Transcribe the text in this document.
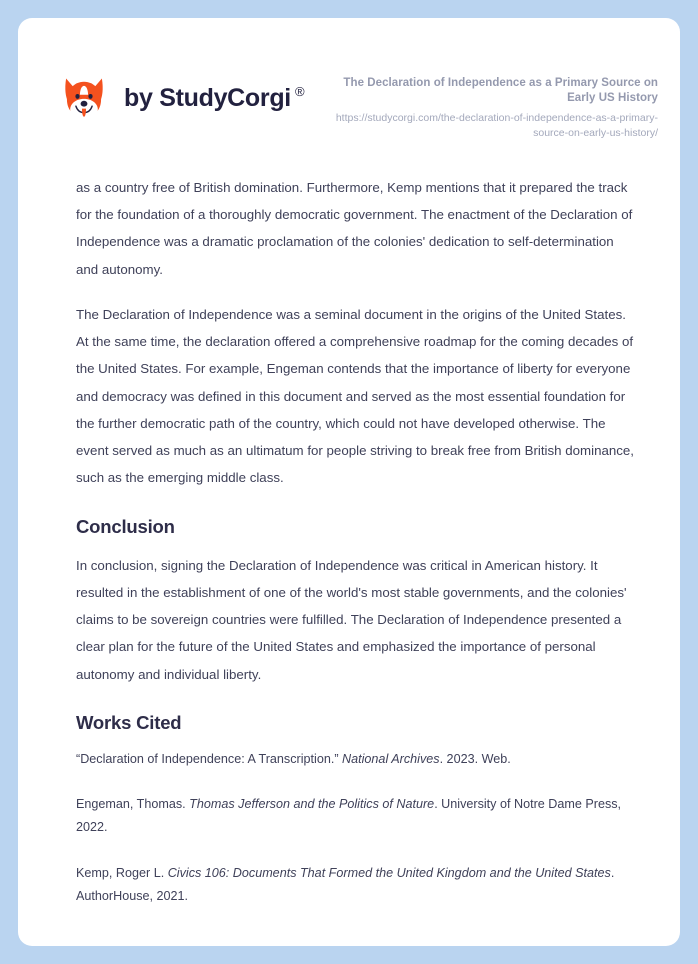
by StudyCorgi ®
The Declaration of Independence as a Primary Source on Early US History
https://studycorgi.com/the-declaration-of-independence-as-a-primary-source-on-early-us-history/

as a country free of British domination. Furthermore, Kemp mentions that it prepared the track for the foundation of a thoroughly democratic government. The enactment of the Declaration of Independence was a dramatic proclamation of the colonies' dedication to self-determination and autonomy.

The Declaration of Independence was a seminal document in the origins of the United States. At the same time, the declaration offered a comprehensive roadmap for the coming decades of the United States. For example, Engeman contends that the importance of liberty for everyone and democracy was defined in this document and served as the most essential foundation for the further democratic path of the country, which could not have developed otherwise. The event served as much as an ultimatum for people striving to break free from British dominance, such as the emerging middle class.

Conclusion

In conclusion, signing the Declaration of Independence was critical in American history. It resulted in the establishment of one of the world's most stable governments, and the colonies' claims to be sovereign countries were fulfilled. The Declaration of Independence presented a clear plan for the future of the United States and emphasized the importance of personal autonomy and individual liberty.

Works Cited

“Declaration of Independence: A Transcription.” National Archives. 2023. Web.

Engeman, Thomas. Thomas Jefferson and the Politics of Nature. University of Notre Dame Press, 2022.

Kemp, Roger L. Civics 106: Documents That Formed the United Kingdom and the United States. AuthorHouse, 2021.
